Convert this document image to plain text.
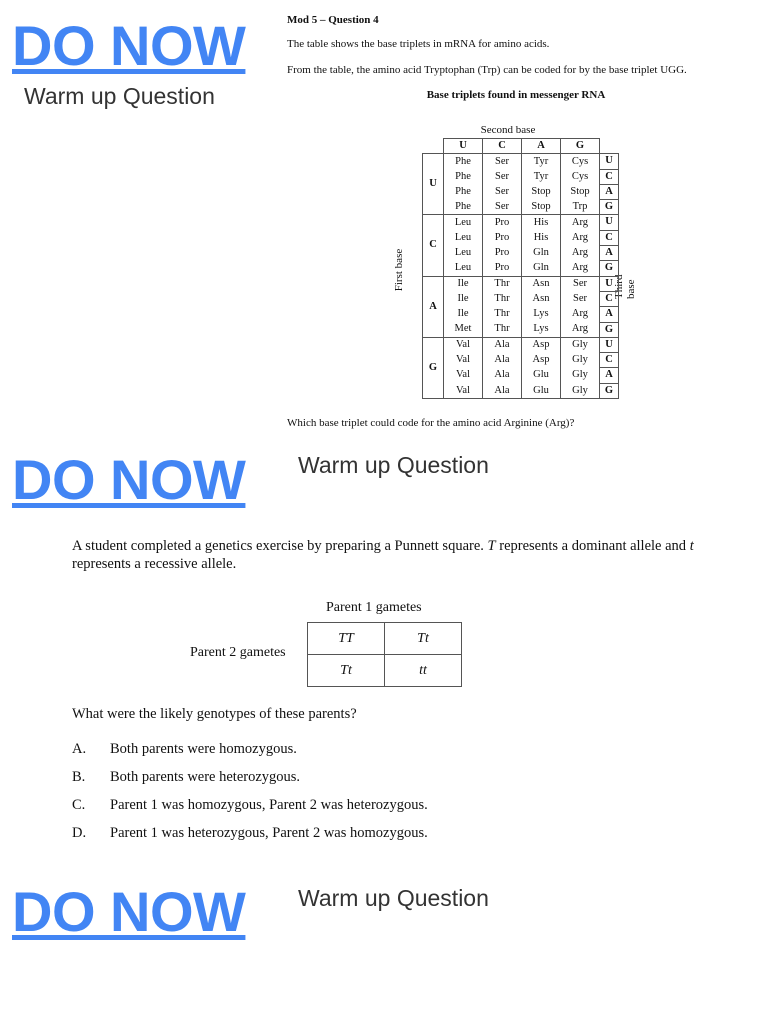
DO NOW
Warm up Question
DO NOW Warm up Question
DO NOW Warm up Question
Mod 5 – Question 4

The table shows the base triplets in mRNA for amino acids.

From the table, the amino acid Tryptophan (Trp) can be coded for by the base triplet UGG.

Base triplets found in messenger RNA
Second base
First base	Third base
	U	C	A	G	
U	Phe	Ser	Tyr	Cys	U
	Phe	Ser	Tyr	Cys	C
	Phe	Ser	Stop	Stop	A
	Phe	Ser	Stop	Trp	G
C	Leu	Pro	His	Arg	U
	Leu	Pro	His	Arg	C
	Leu	Pro	Gln	Arg	A
	Leu	Pro	Gln	Arg	G
A	Ile	Thr	Asn	Ser	U
	Ile	Thr	Asn	Ser	C
	Ile	Thr	Lys	Arg	A
	Met	Thr	Lys	Arg	G
G	Val	Ala	Asp	Gly	U
	Val	Ala	Asp	Gly	C
	Val	Ala	Glu	Gly	A
	Val	Ala	Glu	Gly	G
Which base triplet could code for the amino acid Arginine (Arg)?

A student completed a genetics exercise by preparing a Punnett square. T represents a dominant allele and t represents a recessive allele.

Parent 1 gametes
Parent 2 gametes
TT	Tt
Tt	tt
What were the likely genotypes of these parents?
A.	Both parents were homozygous.
B.	Both parents were heterozygous.
C.	Parent 1 was homozygous, Parent 2 was heterozygous.
D.	Parent 1 was heterozygous, Parent 2 was homozygous.
